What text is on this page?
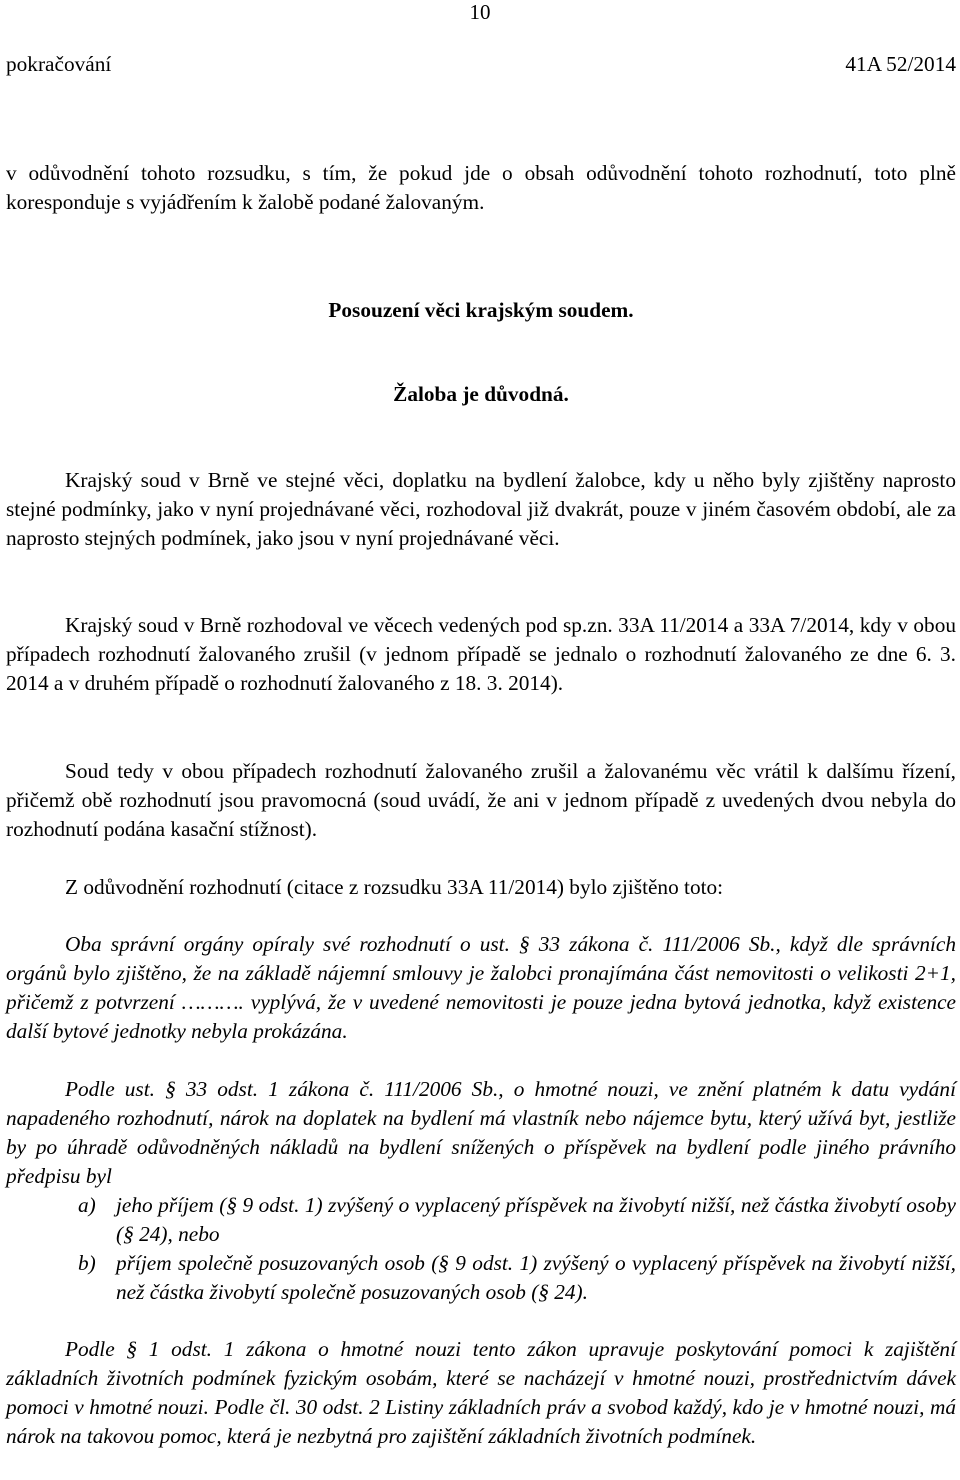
10
pokračování	41A 52/2014

v odůvodnění tohoto rozsudku, s tím, že pokud jde o obsah odůvodnění tohoto rozhodnutí, toto plně koresponduje s vyjádřením k žalobě podané žalovaným.

Posouzení věci krajským soudem.

Žaloba je důvodná.

Krajský soud v Brně ve stejné věci, doplatku na bydlení žalobce, kdy u něho byly zjištěny naprosto stejné podmínky, jako v nyní projednávané věci, rozhodoval již dvakrát, pouze v jiném časovém období, ale za naprosto stejných podmínek, jako jsou v nyní projednávané věci.

Krajský soud v Brně rozhodoval ve věcech vedených pod sp.zn. 33A 11/2014 a 33A 7/2014, kdy v obou případech rozhodnutí žalovaného zrušil (v jednom případě se jednalo o rozhodnutí žalovaného ze dne 6. 3. 2014 a v druhém případě o rozhodnutí žalovaného z 18. 3. 2014).

Soud tedy v obou případech rozhodnutí žalovaného zrušil a žalovanému věc vrátil k dalšímu řízení, přičemž obě rozhodnutí jsou pravomocná (soud uvádí, že ani v jednom případě z uvedených dvou nebyla do rozhodnutí podána kasační stížnost).

Z odůvodnění rozhodnutí (citace z rozsudku 33A 11/2014) bylo zjištěno toto:

Oba správní orgány opíraly své rozhodnutí o ust. § 33 zákona č. 111/2006 Sb., když dle správních orgánů bylo zjištěno, že na základě nájemní smlouvy je žalobci pronajímána část nemovitosti o velikosti 2+1, přičemž z potvrzení ………. vyplývá, že v uvedené nemovitosti je pouze jedna bytová jednotka, když existence další bytové jednotky nebyla prokázána.

Podle ust. § 33 odst. 1 zákona č. 111/2006 Sb., o hmotné nouzi, ve znění platném k datu vydání napadeného rozhodnutí, nárok na doplatek na bydlení má vlastník nebo nájemce bytu, který užívá byt, jestliže by po úhradě odůvodněných nákladů na bydlení snížených o příspěvek na bydlení podle jiného právního předpisu byl

a) jeho příjem (§ 9 odst. 1) zvýšený o vyplacený příspěvek na živobytí nižší, než částka živobytí osoby (§ 24), nebo
b) příjem společně posuzovaných osob (§ 9 odst. 1) zvýšený o vyplacený příspěvek na živobytí nižší, než částka živobytí společně posuzovaných osob (§ 24).

Podle § 1 odst. 1 zákona o hmotné nouzi tento zákon upravuje poskytování pomoci k zajištění základních životních podmínek fyzickým osobám, které se nacházejí v hmotné nouzi, prostřednictvím dávek pomoci v hmotné nouzi. Podle čl. 30 odst. 2 Listiny základních práv a svobod každý, kdo je v hmotné nouzi, má nárok na takovou pomoc, která je nezbytná pro zajištění základních životních podmínek.
